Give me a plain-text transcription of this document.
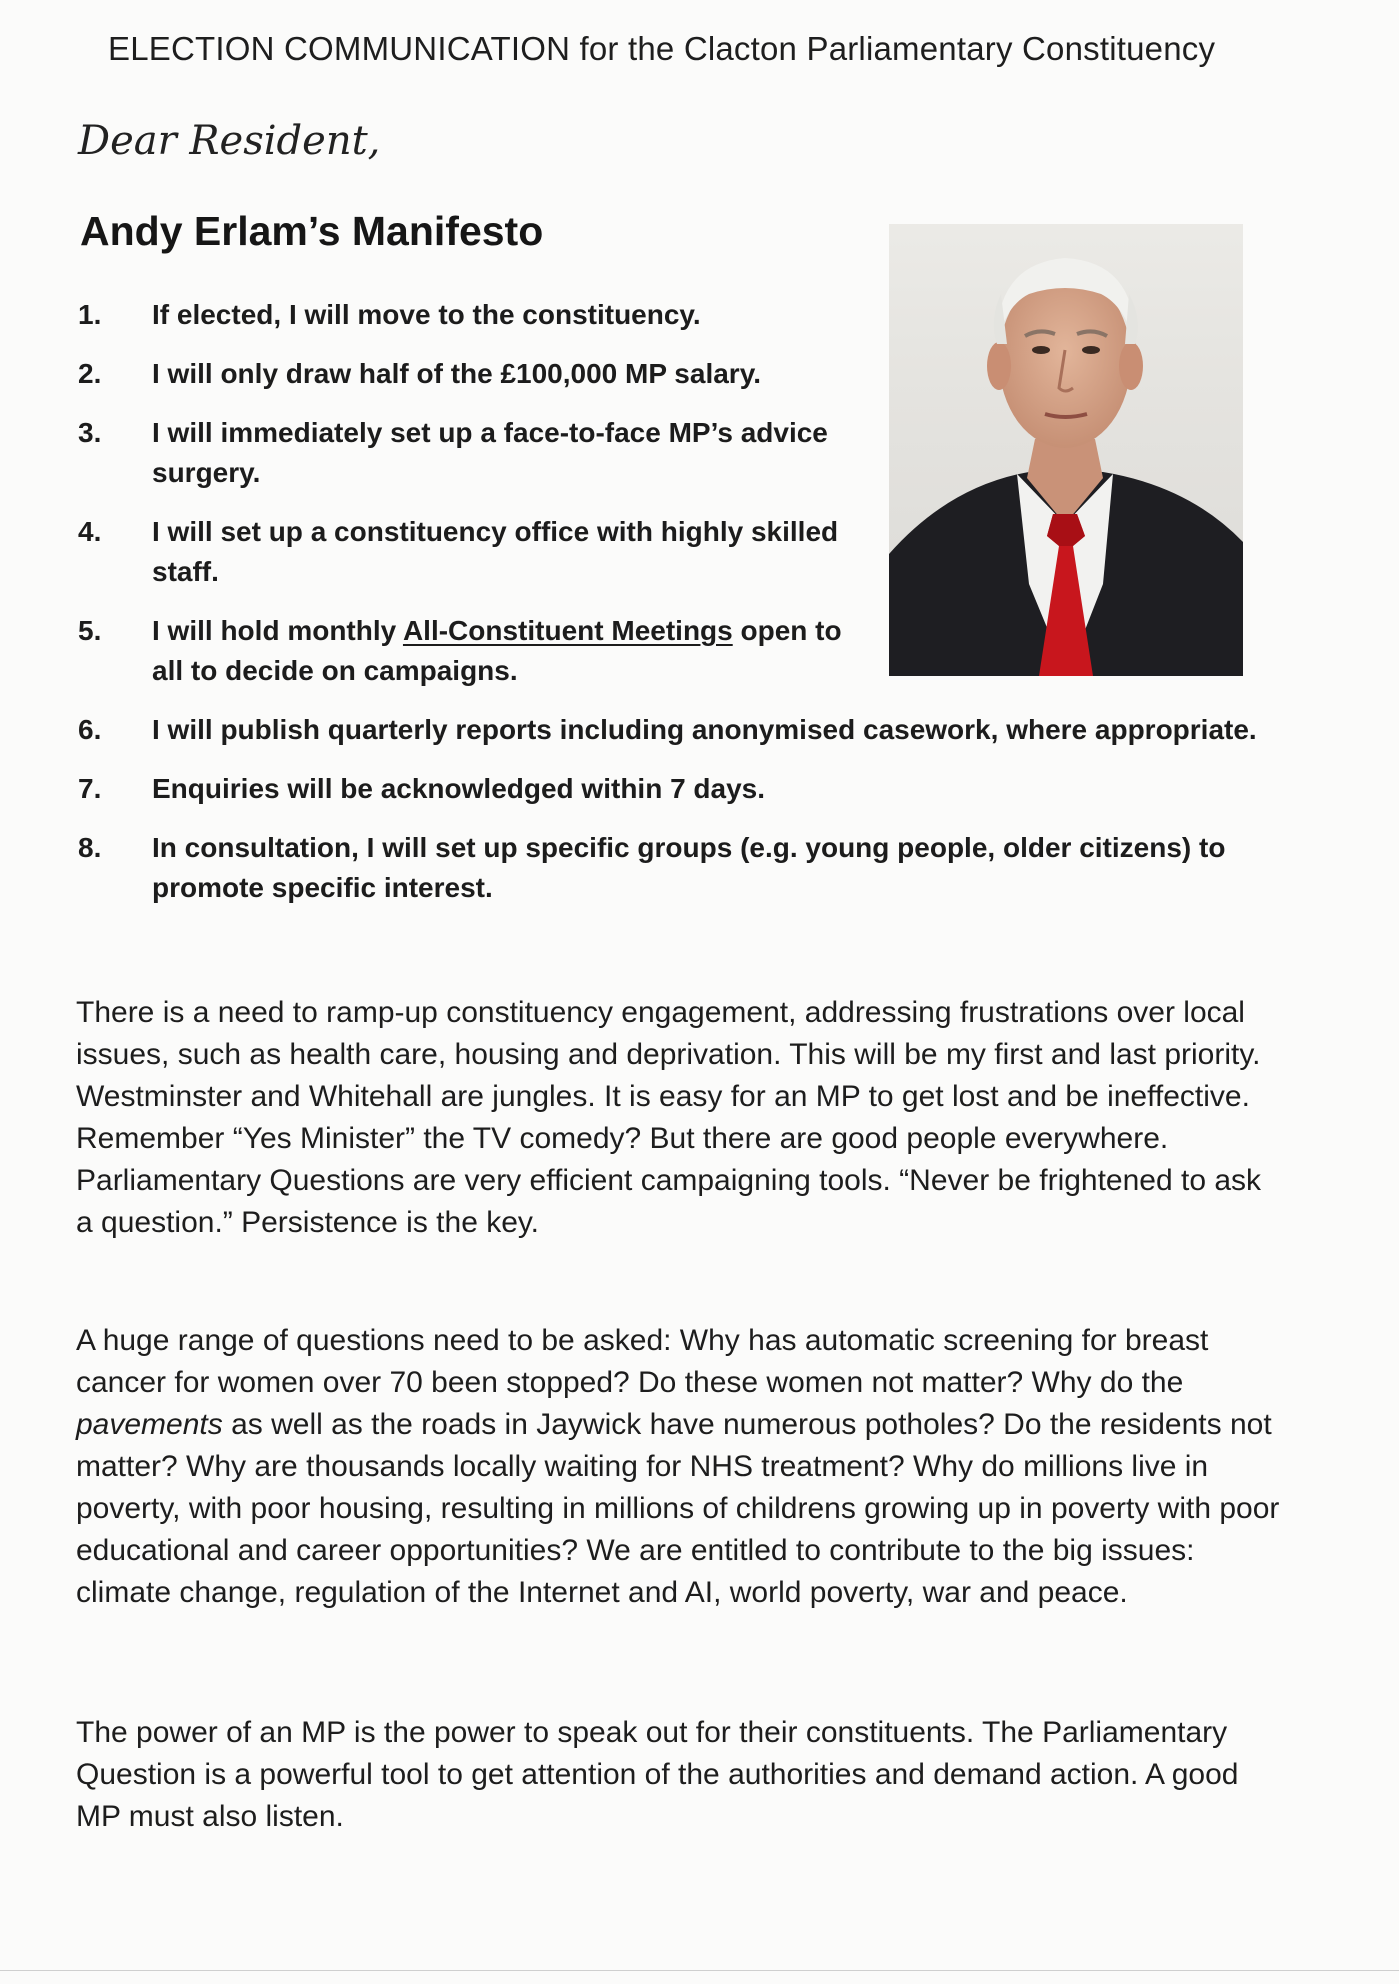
ELECTION COMMUNICATION for the Clacton Parliamentary Constituency
Dear Resident,
Andy Erlam’s Manifesto
1.	If elected, I will move to the constituency.
2.	I will only draw half of the £100,000 MP salary.
3.	I will immediately set up a face-to-face MP’s advice surgery.
4.	I will set up a constituency office with highly skilled staff.
5.	I will hold monthly All-Constituent Meetings open to all to decide on campaigns.
6.	I will publish quarterly reports including anonymised casework, where appropriate.
7.	Enquiries will be acknowledged within 7 days.
8.	In consultation, I will set up specific groups (e.g. young people, older citizens) to promote specific interest.

There is a need to ramp-up constituency engagement, addressing frustrations over local issues, such as health care, housing and deprivation. This will be my first and last priority. Westminster and Whitehall are jungles. It is easy for an MP to get lost and be ineffective. Remember “Yes Minister” the TV comedy? But there are good people everywhere. Parliamentary Questions are very efficient campaigning tools. “Never be frightened to ask a question.” Persistence is the key.

A huge range of questions need to be asked: Why has automatic screening for breast cancer for women over 70 been stopped? Do these women not matter? Why do the pavements as well as the roads in Jaywick have numerous potholes? Do the residents not matter? Why are thousands locally waiting for NHS treatment? Why do millions live in poverty, with poor housing, resulting in millions of childrens growing up in poverty with poor educational and career opportunities? We are entitled to contribute to the big issues: climate change, regulation of the Internet and AI, world poverty, war and peace.

The power of an MP is the power to speak out for their constituents. The Parliamentary Question is a powerful tool to get attention of the authorities and demand action. A good MP must also listen.
